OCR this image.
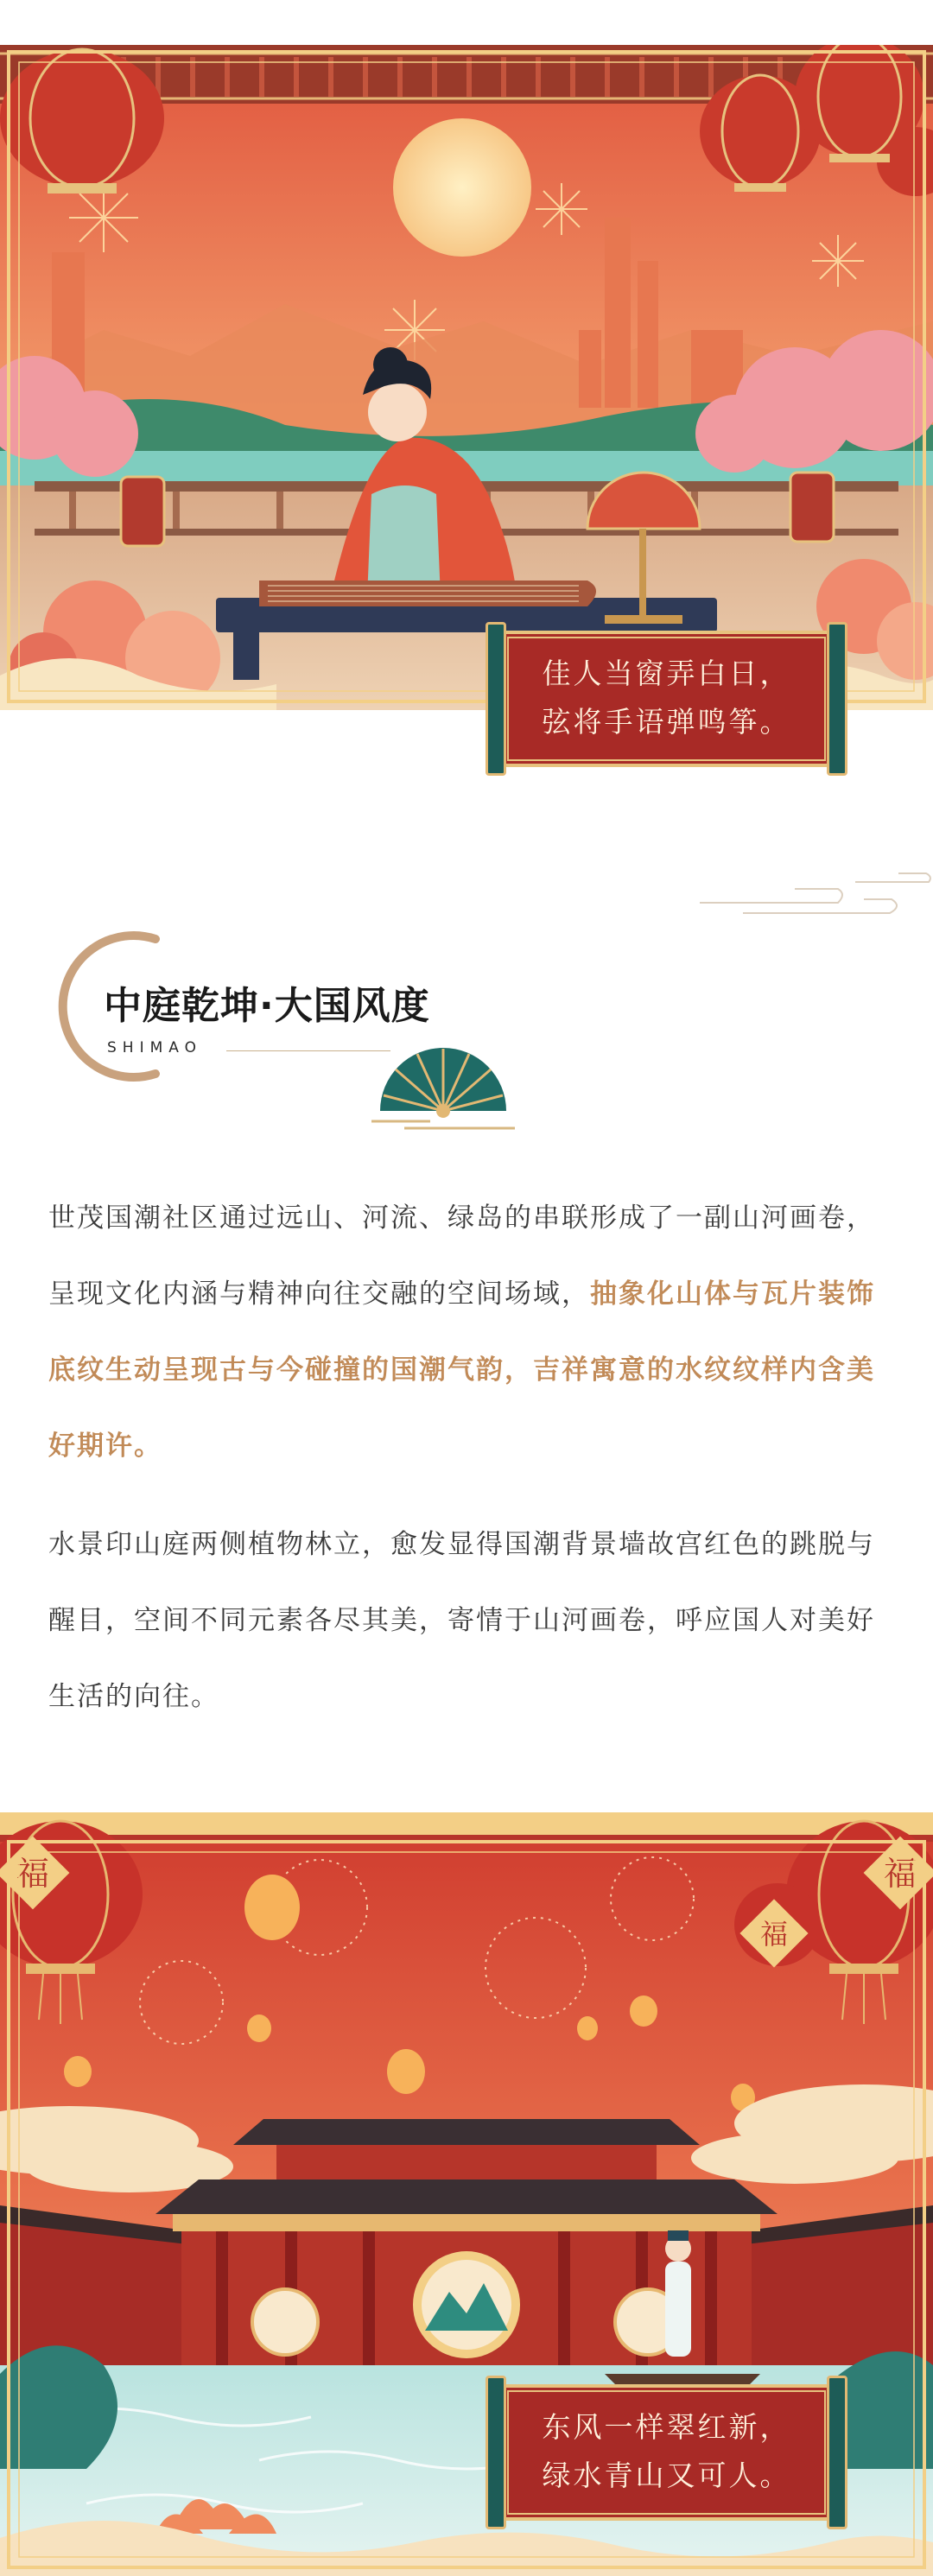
佳人当窗弄白日，
弦将手语弹鸣筝。
中庭乾坤·大国风度
SHIMAO
世茂国潮社区通过远山、河流、绿岛的串联形成了一副山河画卷，呈现文化内涵与精神向往交融的空间场域，抽象化山体与瓦片装饰底纹生动呈现古与今碰撞的国潮气韵，吉祥寓意的水纹纹样内含美好期许。
水景印山庭两侧植物林立，愈发显得国潮背景墙故宫红色的跳脱与醒目，空间不同元素各尽其美，寄情于山河画卷，呼应国人对美好生活的向往。
福	福
福
东风一样翠红新，
绿水青山又可人。
